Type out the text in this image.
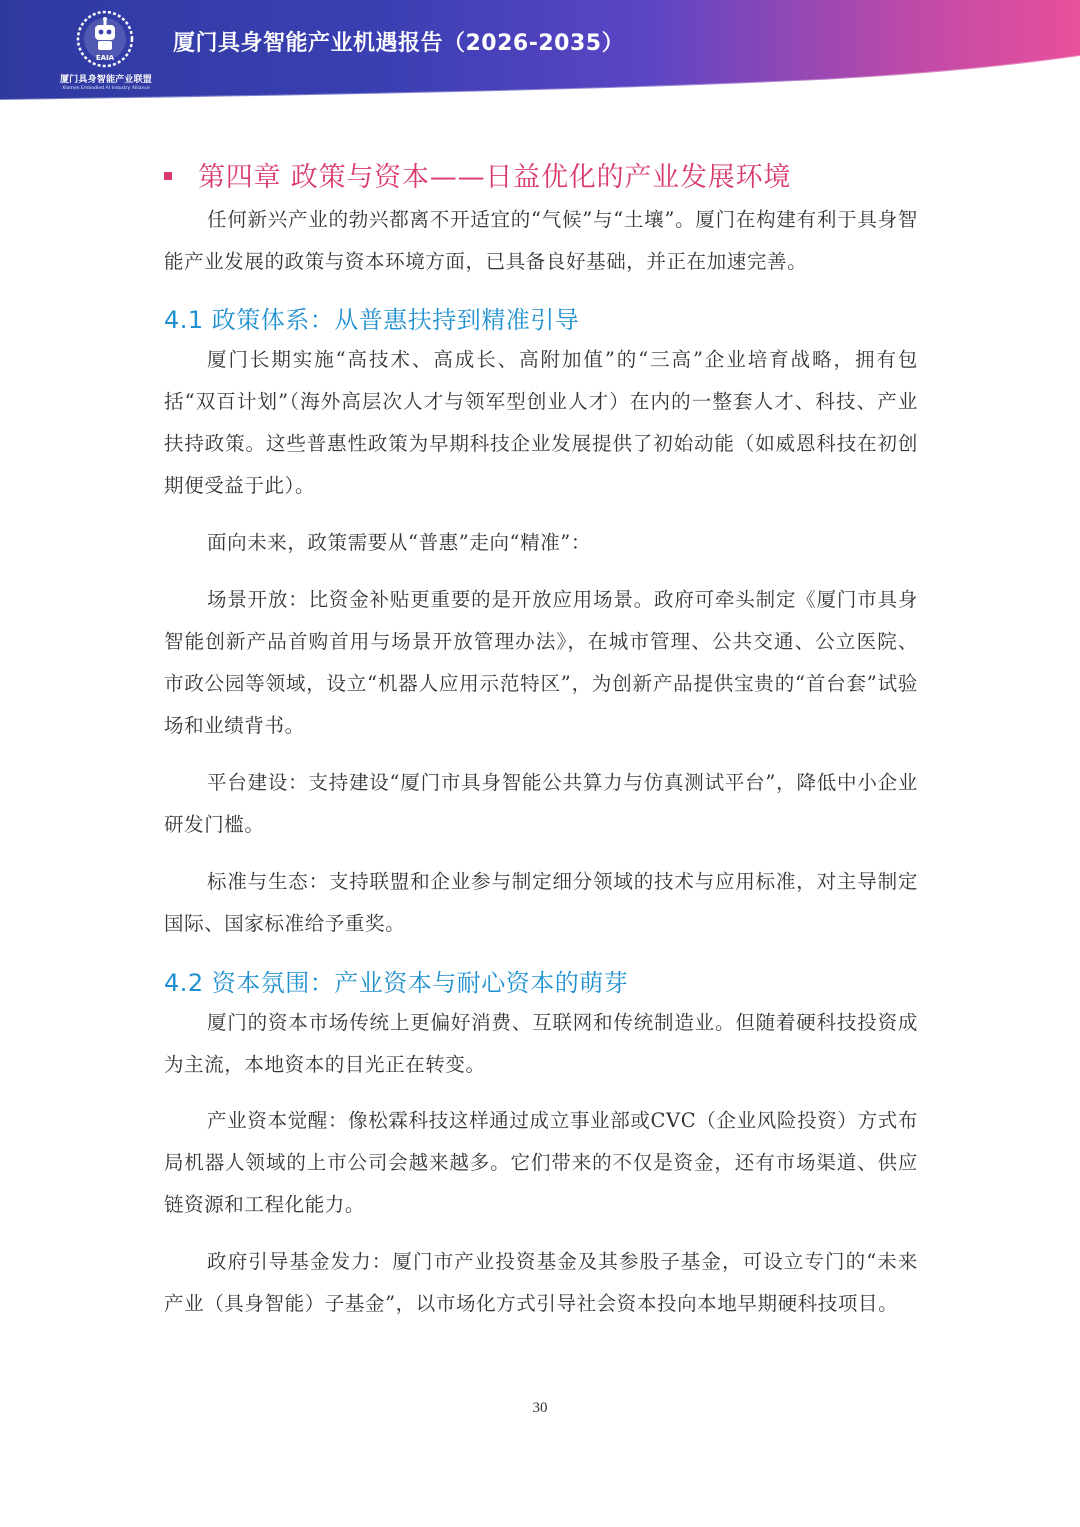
EAIA
厦门具身智能产业联盟
Xiamen Embodied AI Industry Alliance
厦门具身智能产业机遇报告（2026-2035）
第四章 政策与资本——日益优化的产业发展环境

任何新兴产业的勃兴都离不开适宜的“气候”与“土壤”。厦门在构建有利于具身智能产业发展的政策与资本环境方面，已具备良好基础，并正在加速完善。

4.1 政策体系：从普惠扶持到精准引导

厦门长期实施“高技术、高成长、高附加值”的“三高”企业培育战略，拥有包括“双百计划”（海外高层次人才与领军型创业人才）在内的一整套人才、科技、产业扶持政策。这些普惠性政策为早期科技企业发展提供了初始动能（如威恩科技在初创期便受益于此）。

面向未来，政策需要从“普惠”走向“精准”：

场景开放：比资金补贴更重要的是开放应用场景。政府可牵头制定《厦门市具身智能创新产品首购首用与场景开放管理办法》，在城市管理、公共交通、公立医院、市政公园等领域，设立“机器人应用示范特区”，为创新产品提供宝贵的“首台套”试验场和业绩背书。

平台建设：支持建设“厦门市具身智能公共算力与仿真测试平台”，降低中小企业研发门槛。

标准与生态：支持联盟和企业参与制定细分领域的技术与应用标准，对主导制定国际、国家标准给予重奖。

4.2 资本氛围：产业资本与耐心资本的萌芽

厦门的资本市场传统上更偏好消费、互联网和传统制造业。但随着硬科技投资成为主流，本地资本的目光正在转变。

产业资本觉醒：像松霖科技这样通过成立事业部或CVC（企业风险投资）方式布局机器人领域的上市公司会越来越多。它们带来的不仅是资金，还有市场渠道、供应链资源和工程化能力。

政府引导基金发力：厦门市产业投资基金及其参股子基金，可设立专门的“未来产业（具身智能）子基金”，以市场化方式引导社会资本投向本地早期硬科技项目。

30
